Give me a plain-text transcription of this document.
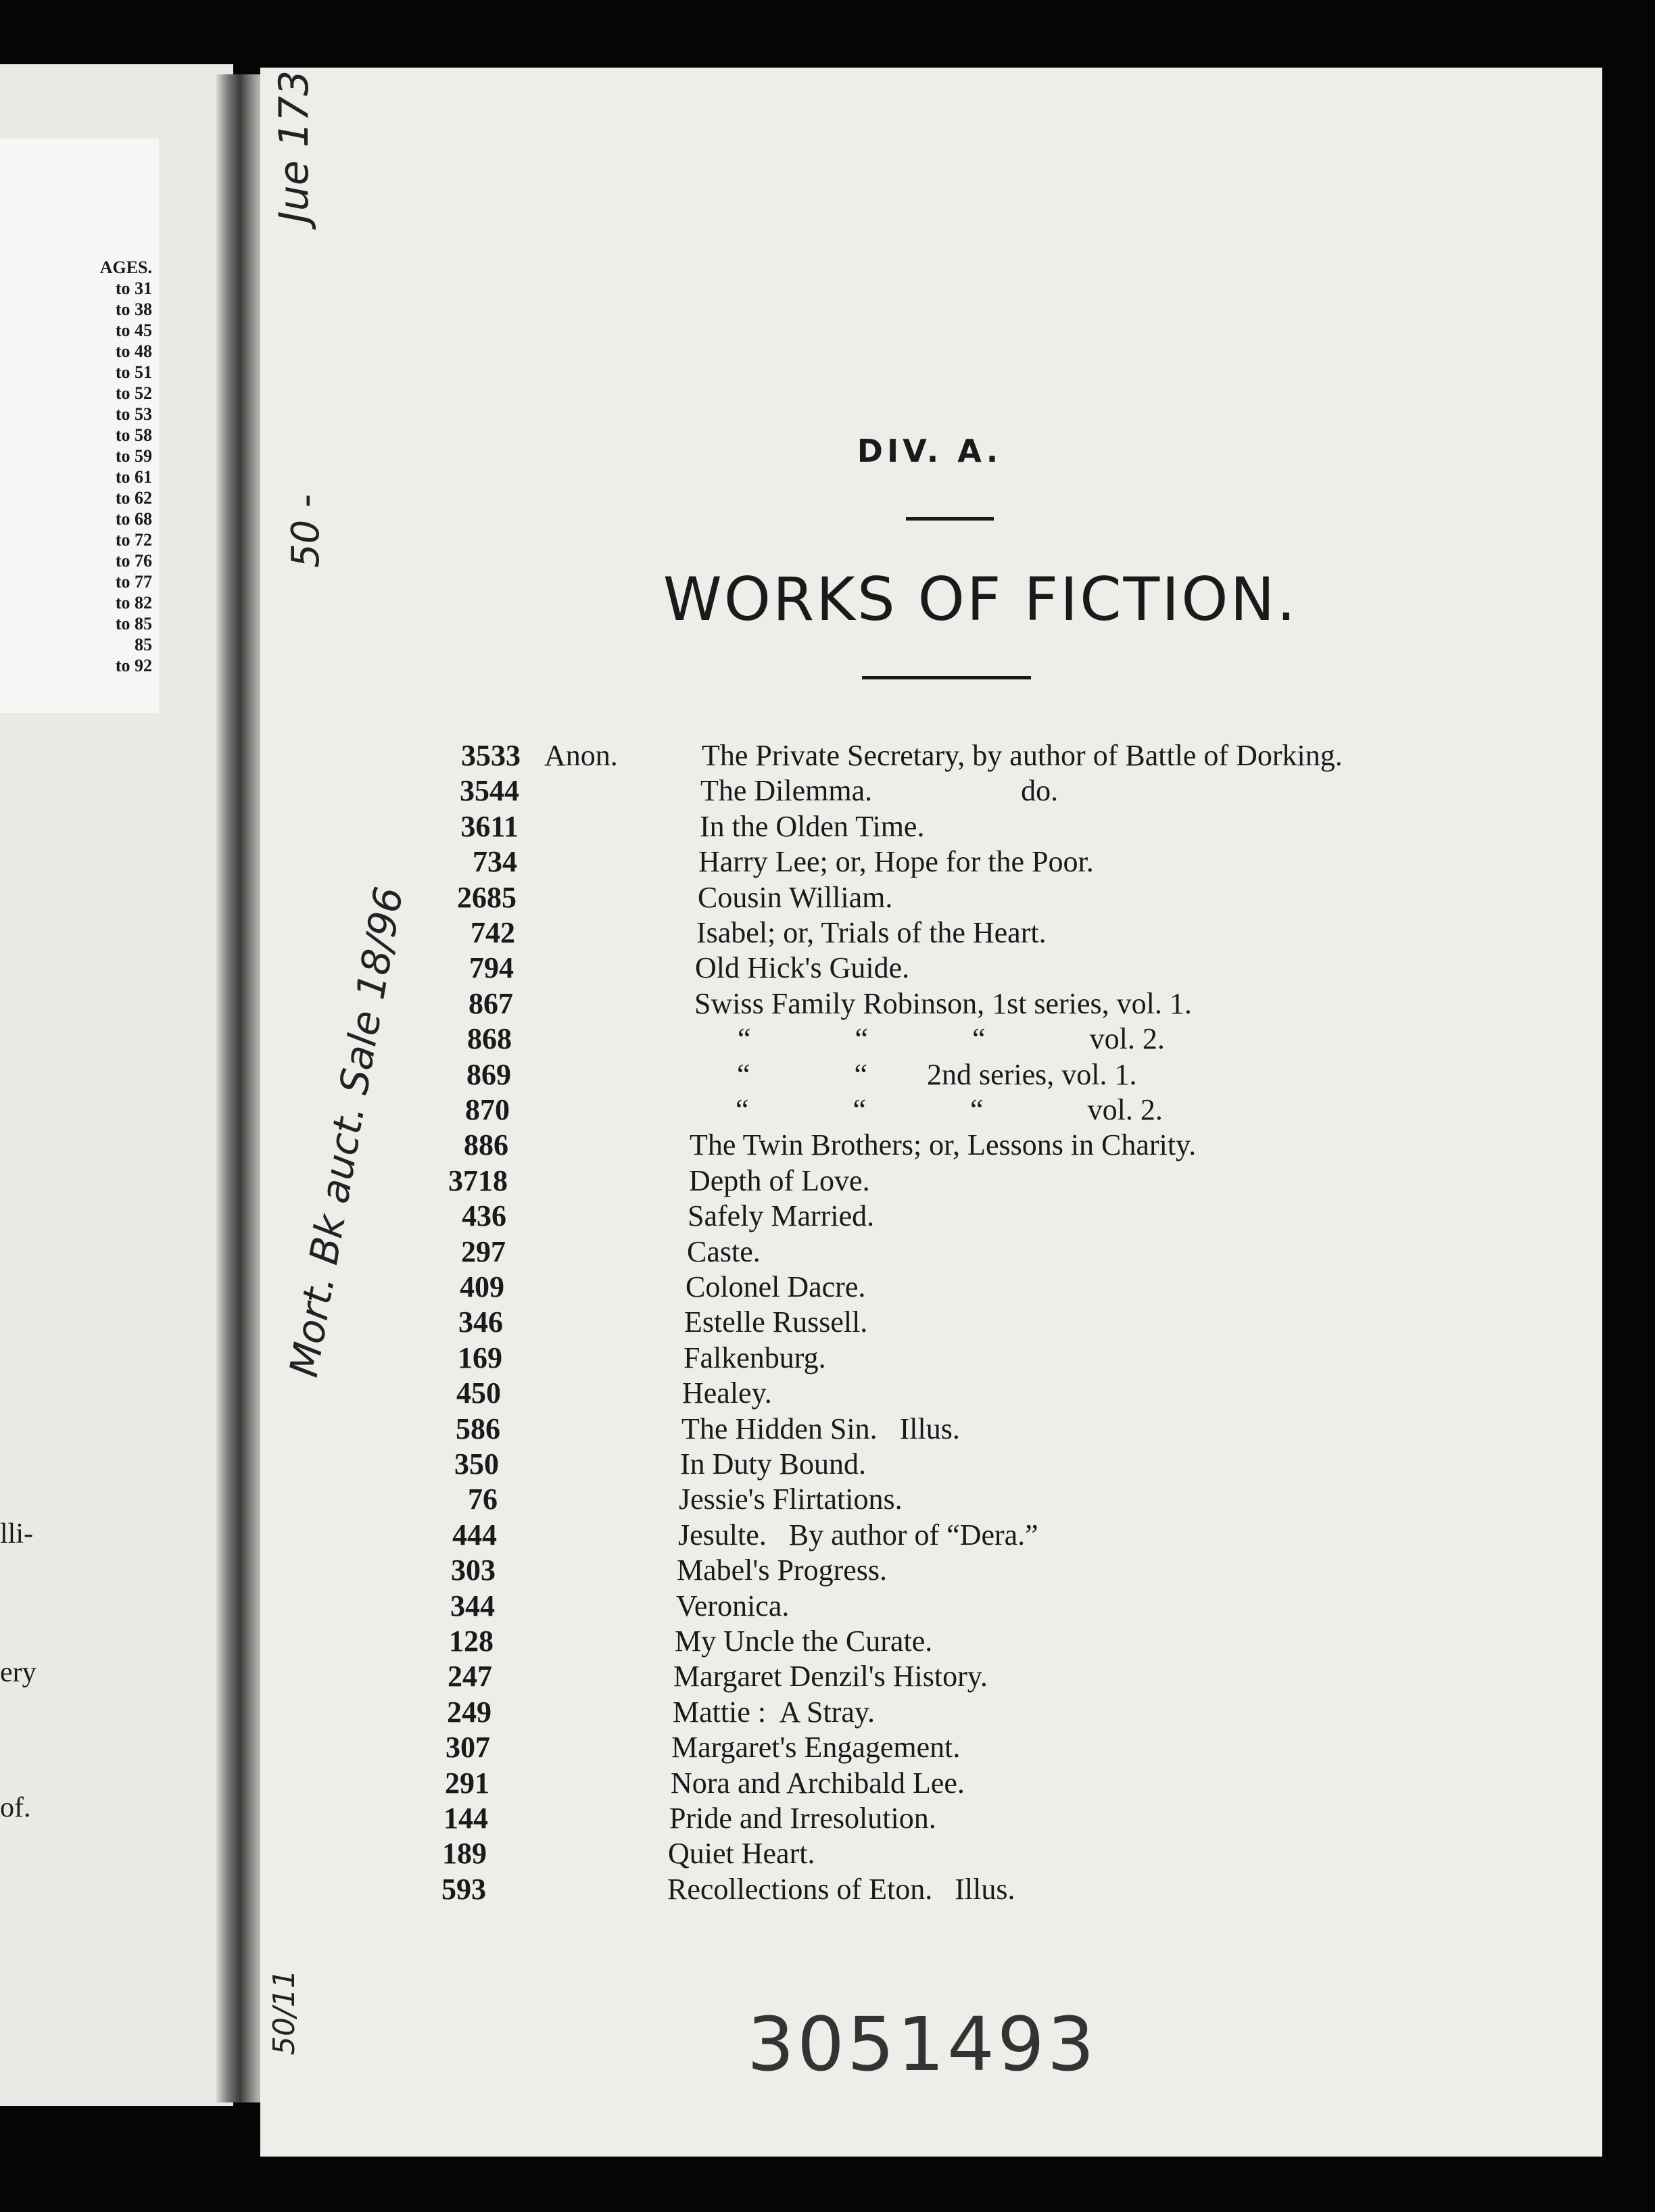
AGES.
to 31
to 38
to 45
to 48
to 51
to 52
to 53
to 58
to 59
to 61
to 62
to 68
to 72
to 76
to 77
to 82
to 85
85
to 92
lli-
ery
of.
Jue 173
50 -
Mort. Bk auct. Sale 18/96
50/11
DIV. A.
WORKS OF FICTION.
3533 Anon.	The Private Secretary, by author of Battle of Dorking.
3544	The Dilemma.                    do.
3611	In the Olden Time.
734	Harry Lee; or, Hope for the Poor.
2685	Cousin William.
742	Isabel; or, Trials of the Heart.
794	Old Hick's Guide.
867	Swiss Family Robinson, 1st series, vol. 1.
868	“              “              “              vol. 2.
869	“              “        2nd series, vol. 1.
870	“              “              “              vol. 2.
886	The Twin Brothers; or, Lessons in Charity.
3718	Depth of Love.
436	Safely Married.
297	Caste.
409	Colonel Dacre.
346	Estelle Russell.
169	Falkenburg.
450	Healey.
586	The Hidden Sin.   Illus.
350	In Duty Bound.
76	Jessie's Flirtations.
444	Jesulte.   By author of “Dera.”
303	Mabel's Progress.
344	Veronica.
128	My Uncle the Curate.
247	Margaret Denzil's History.
249	Mattie :  A Stray.
307	Margaret's Engagement.
291	Nora and Archibald Lee.
144	Pride and Irresolution.
189	Quiet Heart.
593	Recollections of Eton.   Illus.
3051493
